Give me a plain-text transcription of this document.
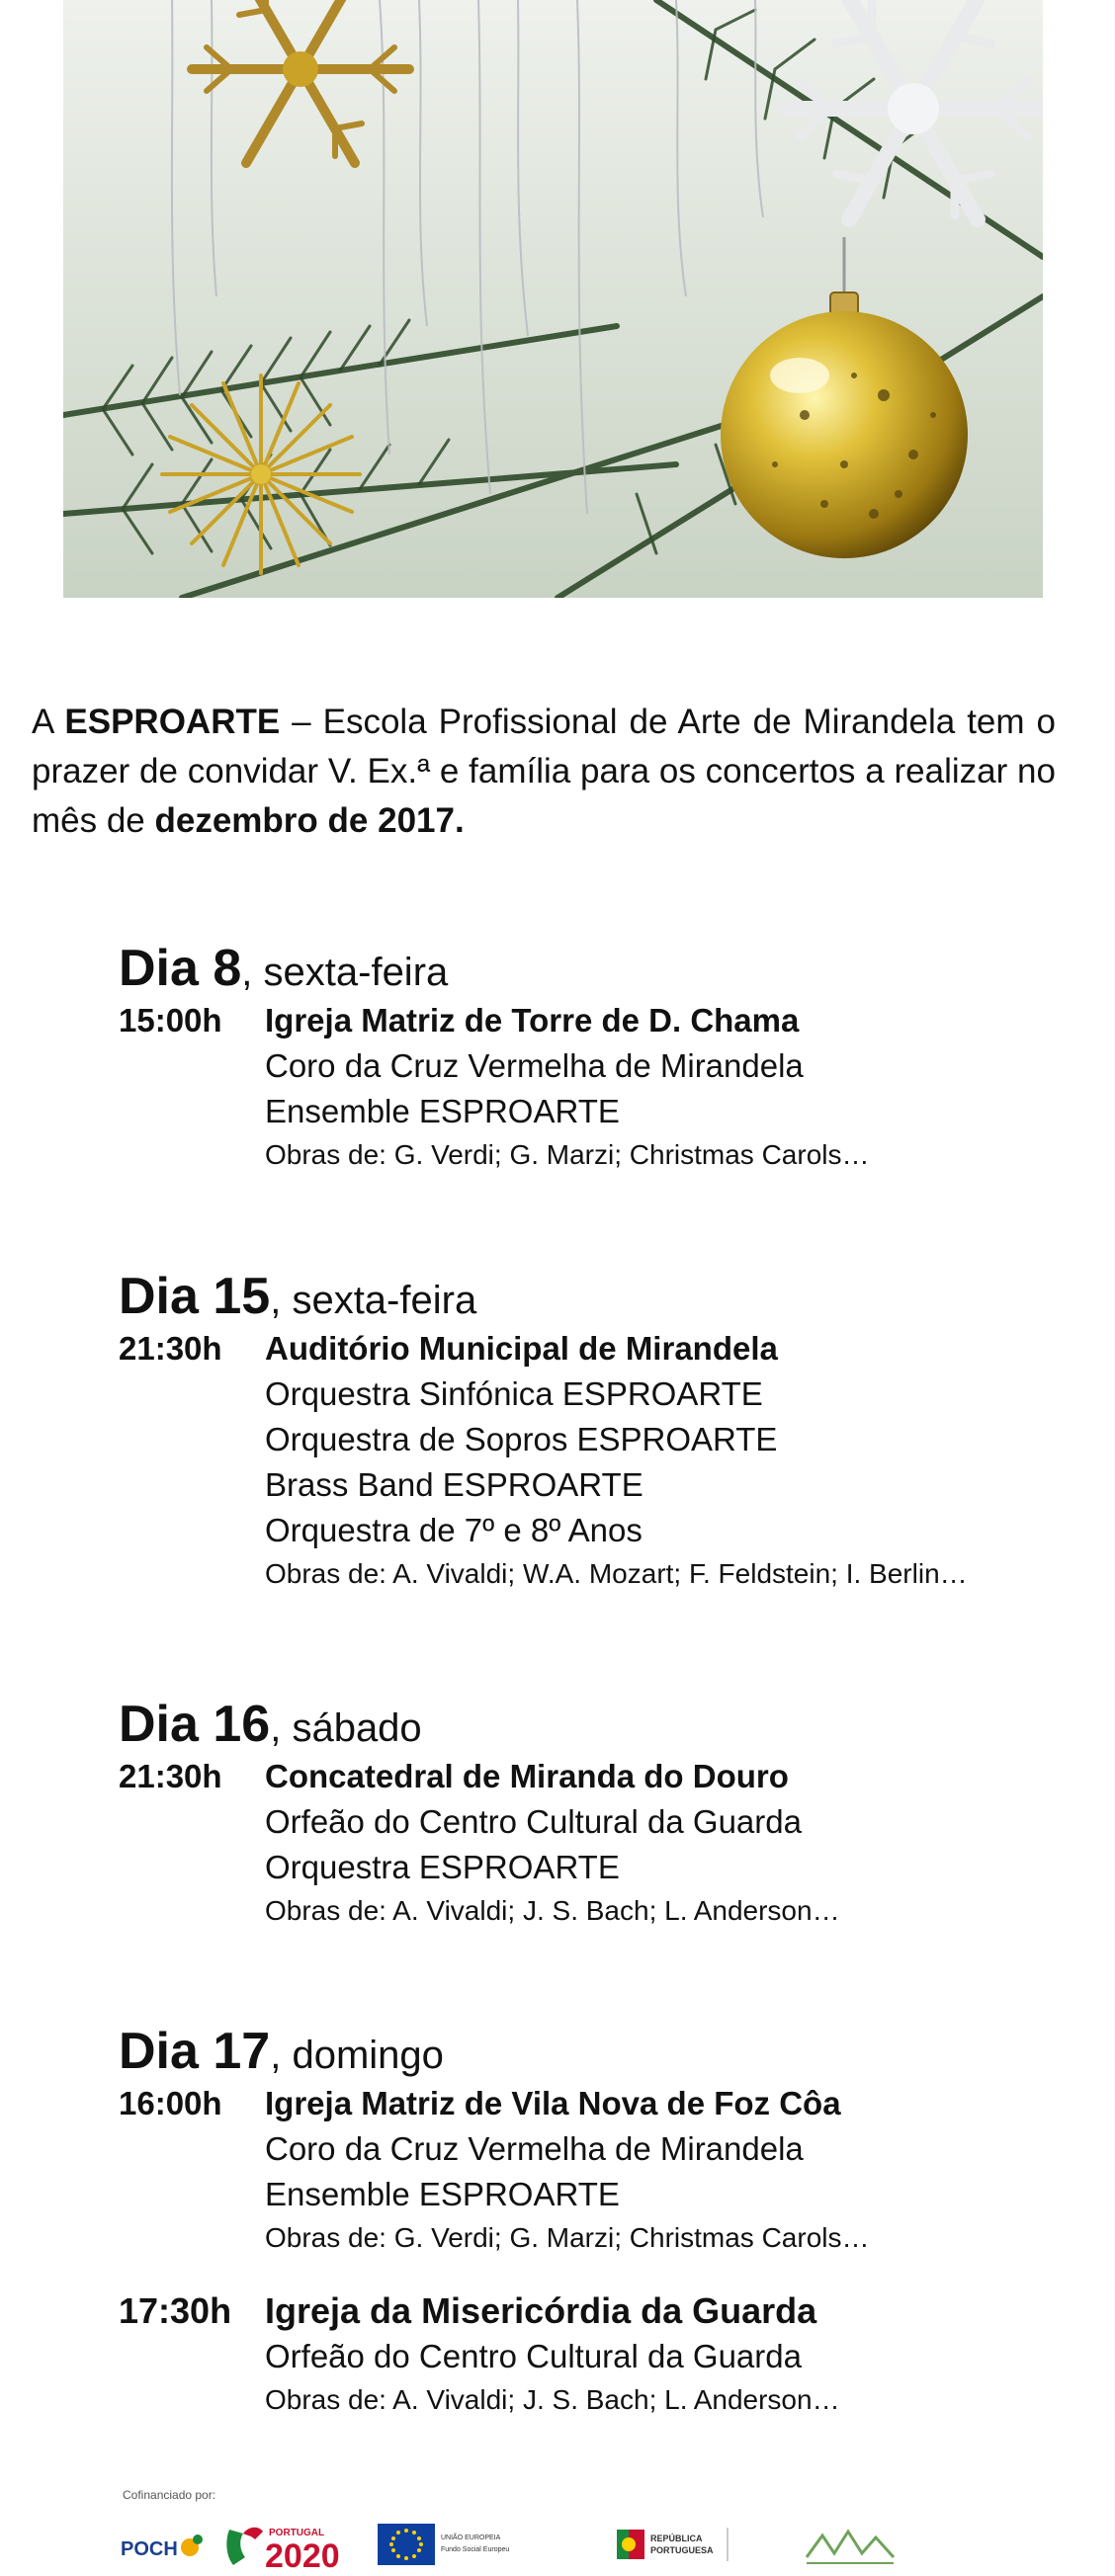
A ESPROARTE – Escola Profissional de Arte de Mirandela tem o prazer de convidar V. Ex.ª e família para os concertos a realizar no mês de dezembro de 2017.

Dia 8, sexta-feira
15:00h	Igreja Matriz de Torre de D. Chama
Coro da Cruz Vermelha de Mirandela
Ensemble ESPROARTE
Obras de: G. Verdi; G. Marzi; Christmas Carols…
Dia 15, sexta-feira
21:30h	Auditório Municipal de Mirandela
Orquestra Sinfónica ESPROARTE
Orquestra de Sopros ESPROARTE
Brass Band ESPROARTE
Orquestra de 7º e 8º Anos
Obras de: A. Vivaldi; W.A. Mozart; F. Feldstein; I. Berlin…
Dia 16, sábado
21:30h	Concatedral de Miranda do Douro
Orfeão do Centro Cultural da Guarda
Orquestra ESPROARTE
Obras de: A. Vivaldi; J. S. Bach; L. Anderson…
Dia 17, domingo
16:00h	Igreja Matriz de Vila Nova de Foz Côa
Coro da Cruz Vermelha de Mirandela
Ensemble ESPROARTE
Obras de: G. Verdi; G. Marzi; Christmas Carols…
17:30h Igreja da Misericórdia da Guarda
Orfeão do Centro Cultural da Guarda
Obras de: A. Vivaldi; J. S. Bach; L. Anderson…
Cofinanciado por:
POCH
PORTUGAL
2020	UNIÃO EUROPEIA
Fundo Social Europeu
REPÚBLICA
PORTUGUESA
